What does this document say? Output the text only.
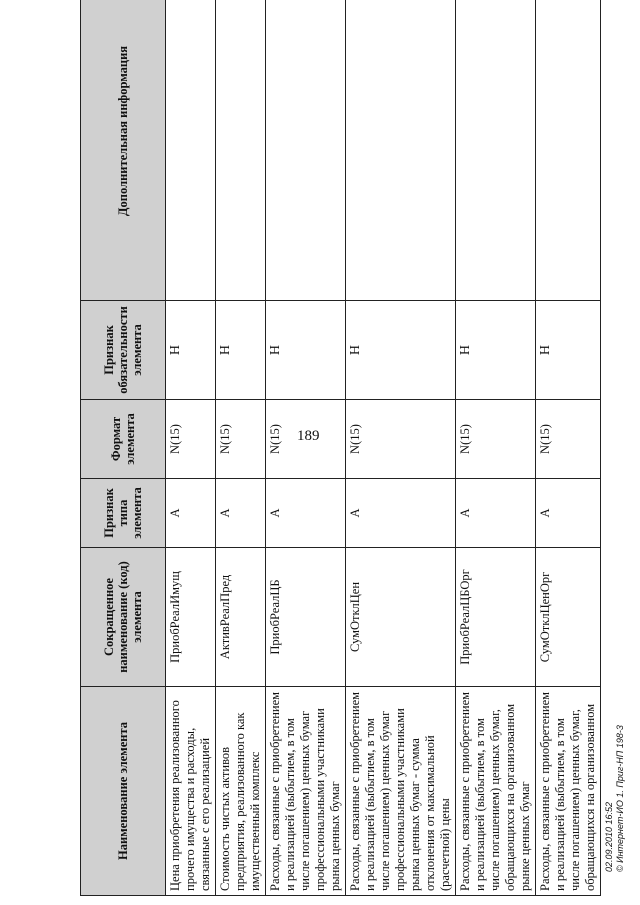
189
Наименование элемента	Сокращенное наименование (код) элемента	Признак типа элемента	Формат элемента	Признак обязательности элемента	Дополнительная информация
Цена приобретения реализованного прочего имущества и расходы, связанные с его реализацией	ПриобРеалИмущ	А	N(15)	Н	
Стоимость чистых активов предприятия, реализованного как имущественный комплекс	АктивРеалПред	А	N(15)	Н	
Расходы, связанные с приобретением и реализацией (выбытием, в том числе погашением) ценных бумаг профессиональными участниками рынка ценных бумаг	ПриобРеалЦБ	А	N(15)	Н	
Расходы, связанные с приобретением и реализацией (выбытием, в том числе погашением) ценных бумаг профессиональными участниками рынка ценных бумаг - сумма отклонения от максимальной (расчетной) цены	СумОтклЦен	А	N(15)	Н	
Расходы, связанные с приобретением и реализацией (выбытием, в том числе погашением) ценных бумаг, обращающихся на организованном рынке ценных бумаг	ПриобРеалЦБОрг	А	N(15)	Н	
Расходы, связанные с приобретением и реализацией (выбытием, в том числе погашением) ценных бумаг, обращающихся на организованном	СумОтклЦенОрг	А	N(15)	Н	
02.09.2010 16:52 © Интернет-ИО 1. Приг-НП 198-3
